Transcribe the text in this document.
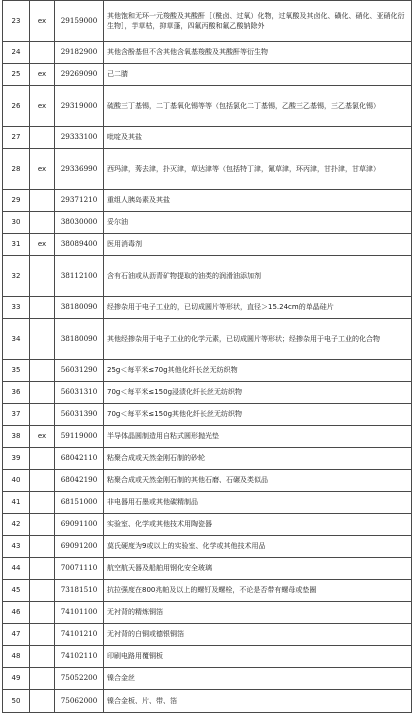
23	ex	29159000	其他饱和无环一元羧酸及其酸酐［（酰卤、过氧）化物，过氧酸及其卤化、磺化、硝化、亚硝化衍生物］，芋草枯，抑草蓬，四氟丙酸和氟乙酸钠除外
24		29182900	其他含酚基但不含其他含氧基羧酸及其酸酐等衍生物
25	ex	29269090	己二腈
26	ex	29319000	硫酸三丁基锡，二丁基氧化锡等等（包括氯化二丁基锡，乙酸三乙基锡，三乙基氯化锡）
27		29333100	吡啶及其盐
28	ex	29336990	西玛津，莠去津，扑灭津，草达津等（包括特丁津，氰草津，环丙津，甘扑津，甘草津）
29		29371210	重组人胰岛素及其盐
30		38030000	妥尔油
31	ex	38089400	医用消毒剂
32		38112100	含有石油或从沥青矿物提取的油类的润滑油添加剂
33		38180090	经掺杂用于电子工业的，已切成圆片等形状，直径＞15.24cm的单晶硅片
34		38180090	其他经掺杂用于电子工业的化学元素，已切成圆片等形状；经掺杂用于电子工业的化合物
35		56031290	25g＜每平米≤70g其他化纤长丝无纺织物
36		56031310	70g＜每平米≤150g浸渍化纤长丝无纺织物
37		56031390	70g＜每平米≤150g其他化纤长丝无纺织物
38	ex	59119000	半导体晶圆制造用自粘式圆形抛光垫
39		68042110	粘聚合成或天然金刚石制的砂轮
40		68042190	粘聚合成或天然金刚石制的其他石磨、石碾及类似品
41		68151000	非电器用石墨或其他碳精制品
42		69091100	实验室、化学或其他技术用陶瓷器
43		69091200	莫氏硬度为9或以上的实验室、化学或其他技术用品
44		70071110	航空航天器及船舶用钢化安全玻璃
45		73181510	抗拉强度在800兆帕及以上的螺钉及螺栓，不论是否带有螺母或垫圈
46		74101100	无衬背的精炼铜箔
47		74101210	无衬背的白铜或德银铜箔
48		74102110	印刷电路用覆铜板
49		75052200	镍合金丝
50		75062000	镍合金板、片、带、箔
